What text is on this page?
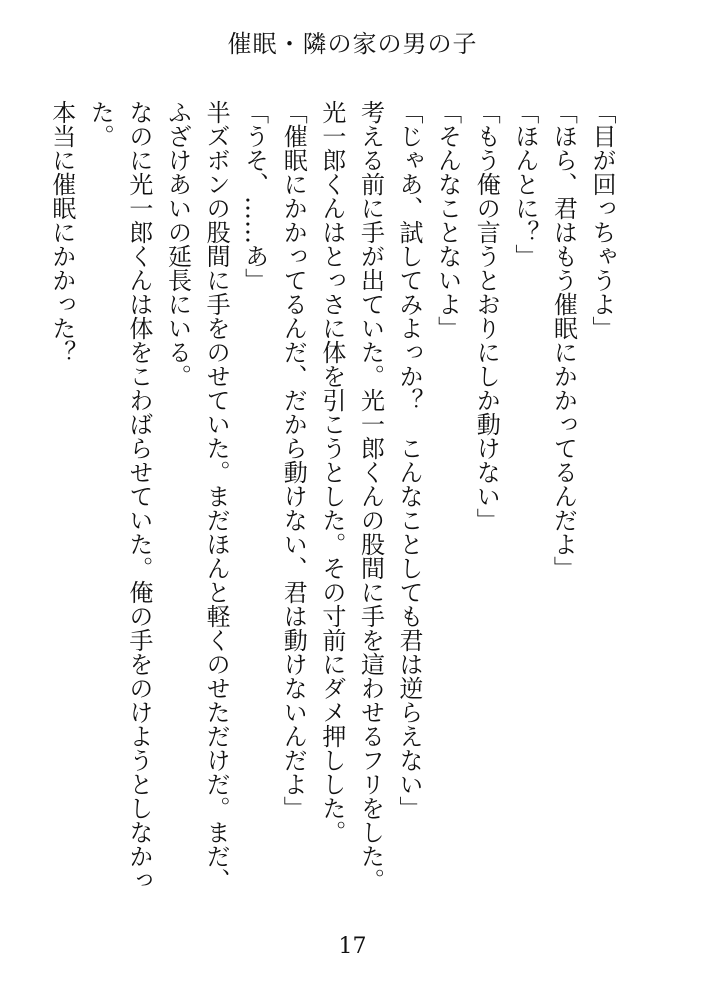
催眠・隣の家の男の子

「目が回っちゃうよ」

「ほら、君はもう催眠にかかってるんだよ」

「ほんとに？」

「もう俺の言うとおりにしか動けない」

「そんなことないよ」

「じゃあ、試してみよっか？　こんなことしても君は逆らえない」

考える前に手が出ていた。光一郎くんの股間に手を這わせるフリをした。光一郎くんはとっさに体を引こうとした。その寸前にダメ押しした。

「催眠にかかってるんだ、だから動けない、君は動けないんだよ」

「うそ、……あ」

半ズボンの股間に手をのせていた。まだほんと軽くのせただけだ。まだ、ふざけあいの延長にいる。

なのに光一郎くんは体をこわばらせていた。俺の手をのけようとしなかった。

本当に催眠にかかった？

17
